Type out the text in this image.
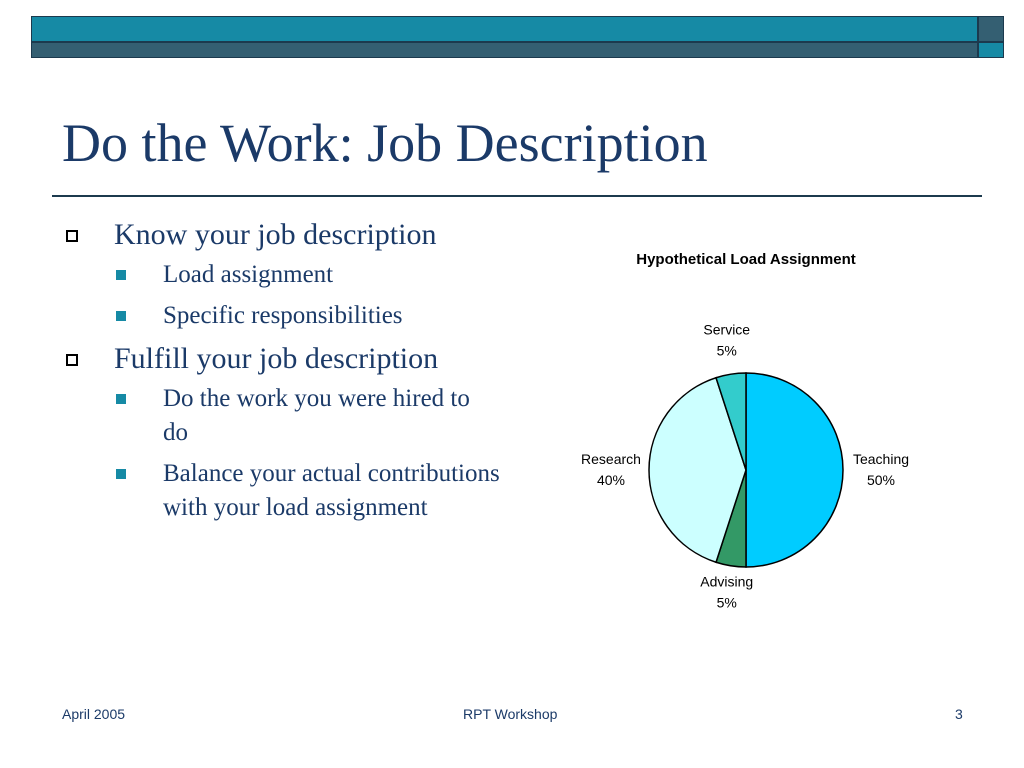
Do the Work: Job Description
Know your job description
Load assignment
Specific responsibilities
Fulfill your job description
Do the work you were hired to do
Balance your actual contributions with your load assignment
Hypothetical Load Assignment
Teaching
50%
Advising
5%
Research
40%
Service
5%
April 2005	RPT Workshop	3
